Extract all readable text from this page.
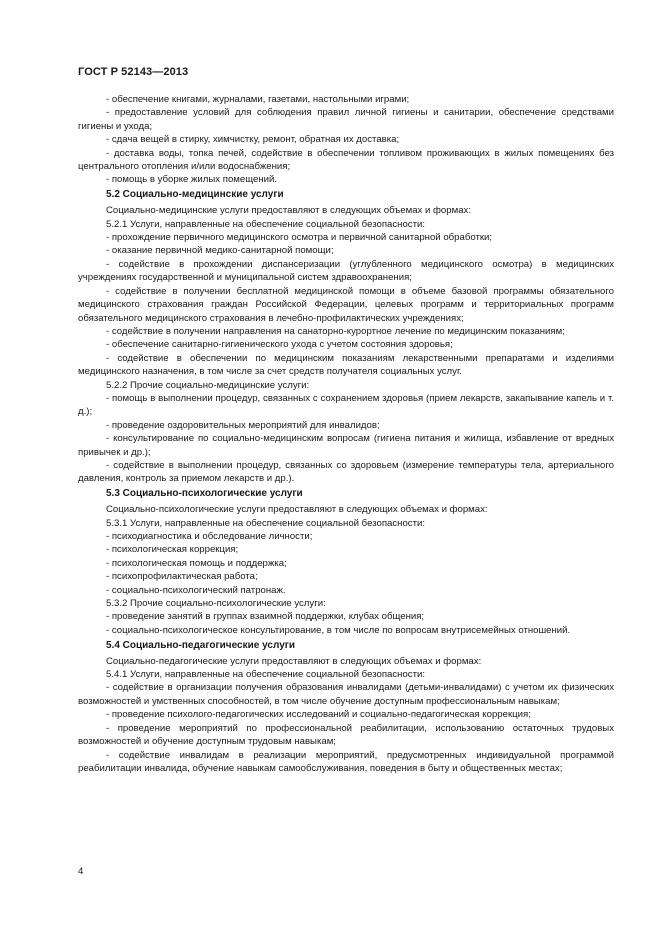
ГОСТ Р 52143—2013

- обеспечение книгами, журналами, газетами, настольными играми;

- предоставление условий для соблюдения правил личной гигиены и санитарии, обеспечение средствами гигиены и ухода;

- сдача вещей в стирку, химчистку, ремонт, обратная их доставка;

- доставка воды, топка печей, содействие в обеспечении топливом проживающих в жилых помещениях без центрального отопления и/или водоснабжения;

- помощь в уборке жилых помещений.

5.2 Социально-медицинские услуги

Социально-медицинские услуги предоставляют в следующих объемах и формах:

5.2.1 Услуги, направленные на обеспечение социальной безопасности:

- прохождение первичного медицинского осмотра и первичной санитарной обработки;

- оказание первичной медико-санитарной помощи;

- содействие в прохождении диспансеризации (углубленного медицинского осмотра) в медицинских учреждениях государственной и муниципальной систем здравоохранения;

- содействие в получении бесплатной медицинской помощи в объеме базовой программы обязательного медицинского страхования граждан Российской Федерации, целевых программ и территориальных программ обязательного медицинского страхования в лечебно-профилактических учреждениях;

- содействие в получении направления на санаторно-курортное лечение по медицинским показаниям;

- обеспечение санитарно-гигиенического ухода с учетом состояния здоровья;

- содействие в обеспечении по медицинским показаниям лекарственными препаратами и изделиями медицинского назначения, в том числе за счет средств получателя социальных услуг.

5.2.2 Прочие социально-медицинские услуги:

- помощь в выполнении процедур, связанных с сохранением здоровья (прием лекарств, закапывание капель и т. д.);

- проведение оздоровительных мероприятий для инвалидов;

- консультирование по социально-медицинским вопросам (гигиена питания и жилища, избавление от вредных привычек и др.);

- содействие в выполнении процедур, связанных со здоровьем (измерение температуры тела, артериального давления, контроль за приемом лекарств и др.).

5.3 Социально-психологические услуги

Социально-психологические услуги предоставляют в следующих объемах и формах:

5.3.1 Услуги, направленные на обеспечение социальной безопасности:

- психодиагностика и обследование личности;

- психологическая коррекция;

- психологическая помощь и поддержка;

- психопрофилактическая работа;

- социально-психологический патронаж.

5.3.2 Прочие социально-психологические услуги:

- проведение занятий в группах взаимной поддержки, клубах общения;

- социально-психологическое консультирование, в том числе по вопросам внутрисемейных отношений.

5.4 Социально-педагогические услуги

Социально-педагогические услуги предоставляют в следующих объемах и формах:

5.4.1 Услуги, направленные на обеспечение социальной безопасности:

- содействие в организации получения образования инвалидами (детьми-инвалидами) с учетом их физических возможностей и умственных способностей, в том числе обучение доступным профессиональным навыкам;

- проведение психолого-педагогических исследований и социально-педагогическая коррекция;

- проведение мероприятий по профессиональной реабилитации, использованию остаточных трудовых возможностей и обучение доступным трудовым навыкам;

- содействие инвалидам в реализации мероприятий, предусмотренных индивидуальной программой реабилитации инвалида, обучение навыкам самообслуживания, поведения в быту и общественных местах;

4
